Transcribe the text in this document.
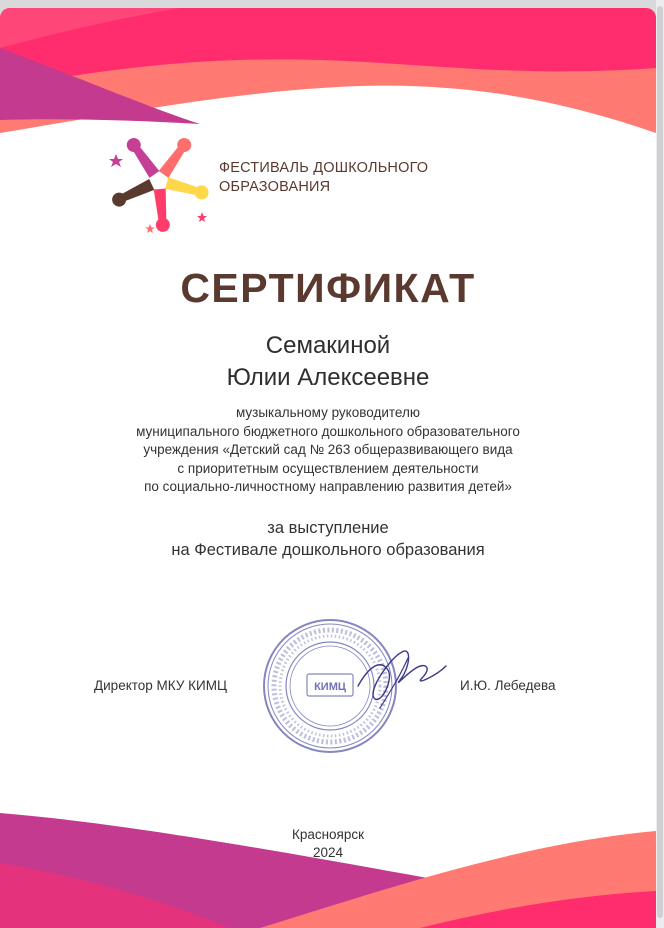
ФЕСТИВАЛЬ ДОШКОЛЬНОГО
ОБРАЗОВАНИЯ
СЕРТИФИКАТ
Семакиной
Юлии Алексеевне
музыкальному руководителю
муниципального бюджетного дошкольного образовательного
учреждения «Детский сад № 263 общеразвивающего вида
с приоритетным осуществлением деятельности
по социально-личностному направлению развития детей»
за выступление
на Фестивале дошкольного образования
Директор МКУ КИМЦ	КИМЦ	И.Ю. Лебедева
Красноярск
2024
